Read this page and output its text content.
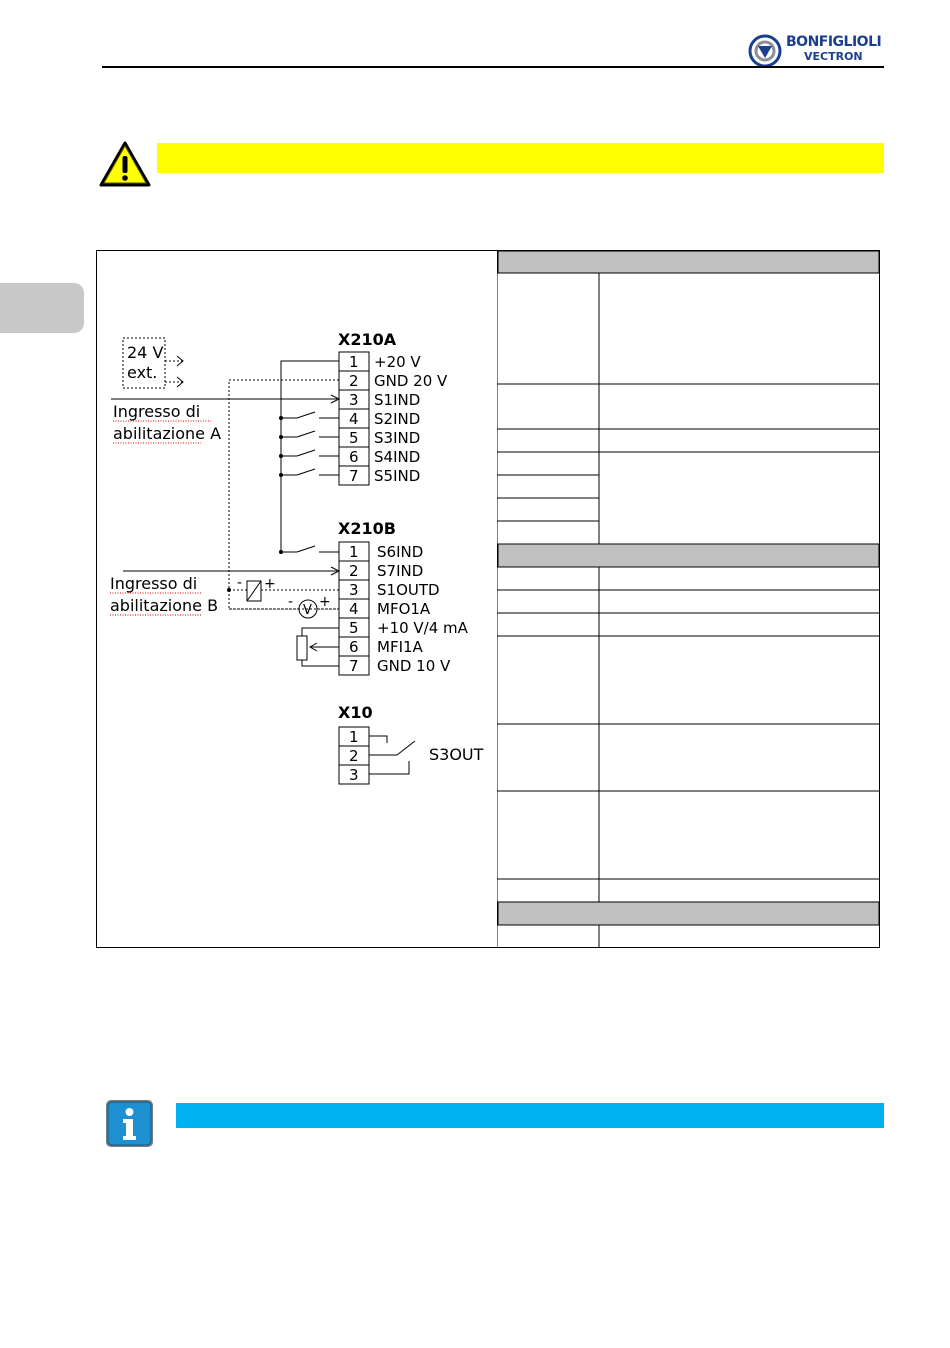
BONFIGLIOLI
VECTRON
24 V
ext.
X210A
1 +20 V
2 GND 20 V
3 S1IND
4 S2IND
5 S3IND
6 S4IND
7 S5IND
X210B
1 S6IND
2 S7IND
3 S1OUTD
4 MFO1A
5 +10 V/4 mA
6 MFI1A
7 GND 10 V
X10
1
2
3
- +
-
V
+
Ingresso di
abilitazione A
Ingresso di
abilitazione B
S3OUT
